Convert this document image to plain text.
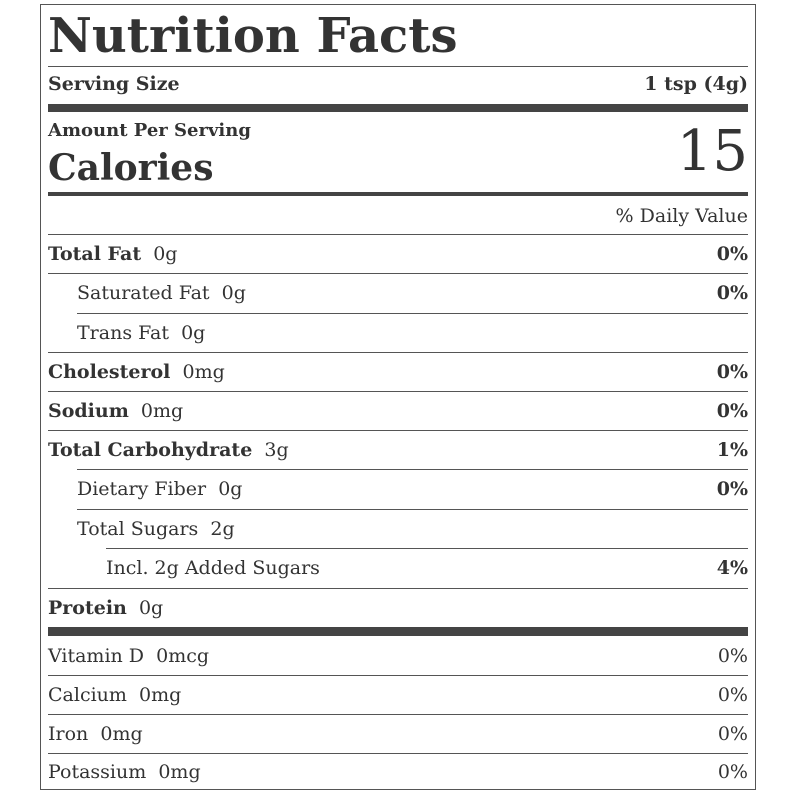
Nutrition Facts
Serving Size	1 tsp (4g)
Amount Per Serving
Calories	15
% Daily Value
Total Fat 0g	0%
Saturated Fat 0g	0%
Trans Fat 0g
Cholesterol 0mg	0%
Sodium 0mg	0%
Total Carbohydrate 3g	1%
Dietary Fiber 0g	0%
Total Sugars 2g
Incl. 2g Added Sugars	4%
Protein 0g
Vitamin D 0mcg	0%
Calcium 0mg	0%
Iron 0mg	0%
Potassium 0mg	0%
